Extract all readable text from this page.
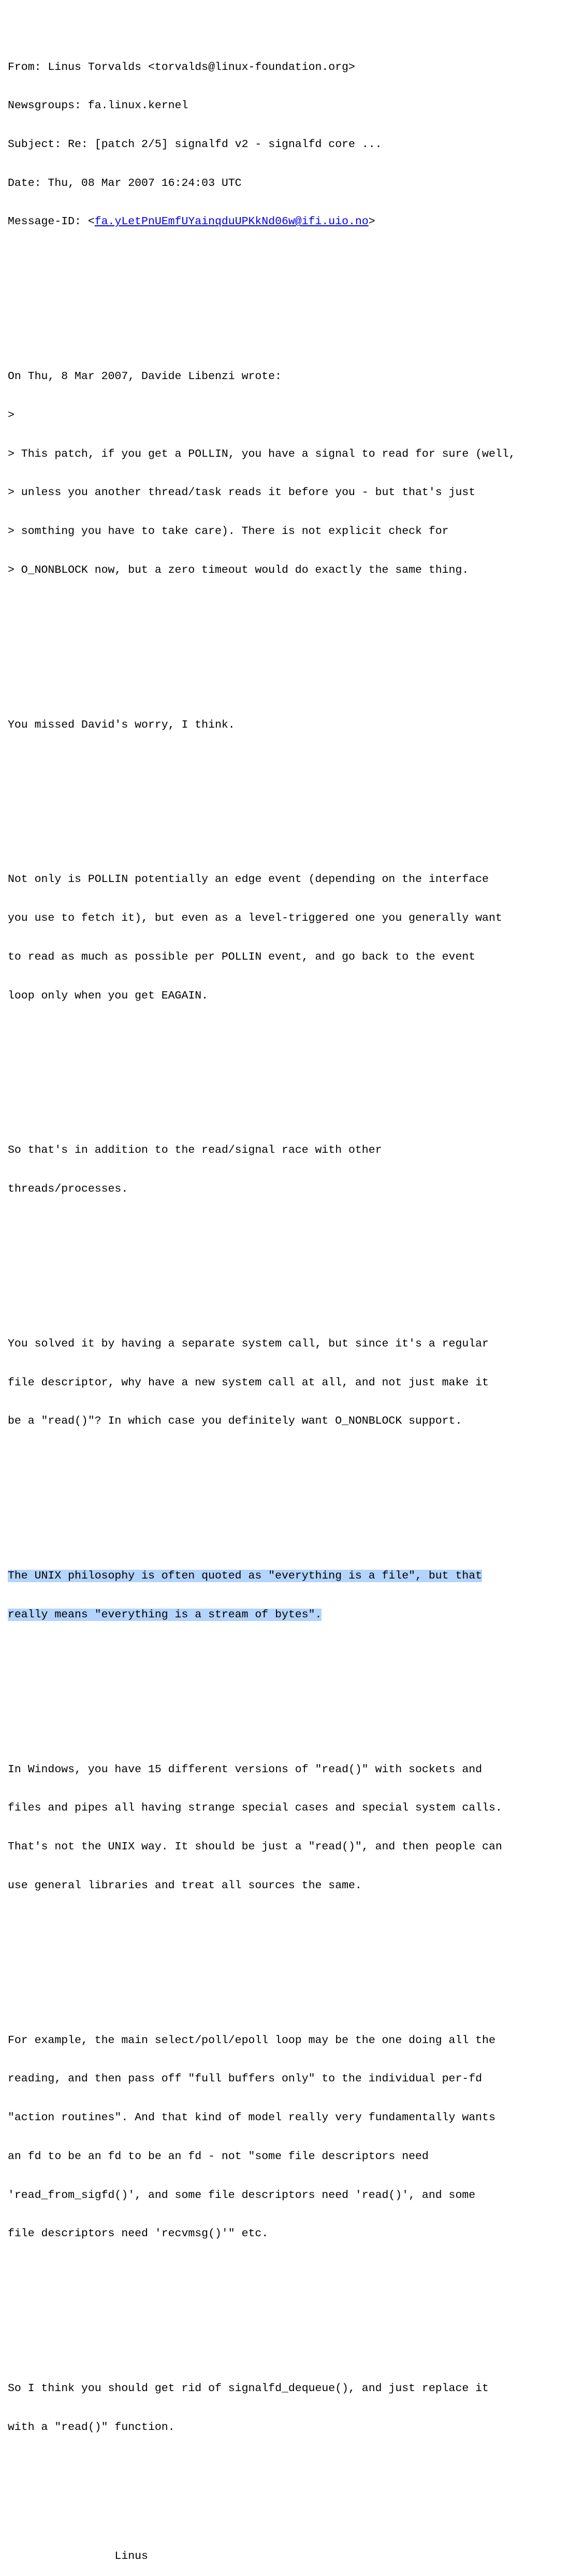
From: Linus Torvalds <torvalds@linux-foundation.org>

Newsgroups: fa.linux.kernel

Subject: Re: [patch 2/5] signalfd v2 - signalfd core ...

Date: Thu, 08 Mar 2007 16:24:03 UTC

Message-ID: <fa.yLetPnUEmfUYainqduUPKkNd06w@ifi.uio.no>

On Thu, 8 Mar 2007, Davide Libenzi wrote:

>

> This patch, if you get a POLLIN, you have a signal to read for sure (well,

> unless you another thread/task reads it before you - but that's just

> somthing you have to take care). There is not explicit check for

> O_NONBLOCK now, but a zero timeout would do exactly the same thing.

You missed David's worry, I think.

Not only is POLLIN potentially an edge event (depending on the interface

you use to fetch it), but even as a level-triggered one you generally want

to read as much as possible per POLLIN event, and go back to the event

loop only when you get EAGAIN.

So that's in addition to the read/signal race with other

threads/processes.

You solved it by having a separate system call, but since it's a regular

file descriptor, why have a new system call at all, and not just make it

be a "read()"? In which case you definitely want O_NONBLOCK support.

The UNIX philosophy is often quoted as "everything is a file", but that

really means "everything is a stream of bytes".

In Windows, you have 15 different versions of "read()" with sockets and

files and pipes all having strange special cases and special system calls.

That's not the UNIX way. It should be just a "read()", and then people can

use general libraries and treat all sources the same.

For example, the main select/poll/epoll loop may be the one doing all the

reading, and then pass off "full buffers only" to the individual per-fd

"action routines". And that kind of model really very fundamentally wants

an fd to be an fd to be an fd - not "some file descriptors need

'read_from_sigfd()', and some file descriptors need 'read()', and some

file descriptors need 'recvmsg()'" etc.

So I think you should get rid of signalfd_dequeue(), and just replace it

with a "read()" function.

Linus
